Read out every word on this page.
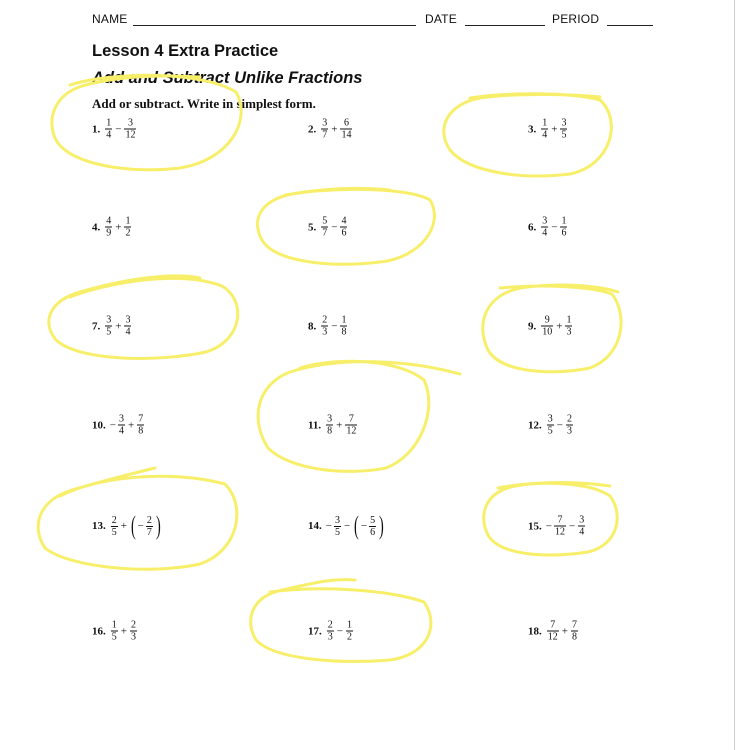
NAME	DATE	PERIOD
Lesson 4 Extra Practice
Add and Subtract Unlike Fractions
Add or subtract. Write in simplest form.
1. $\frac{1}{4} - \frac{3}{12}$	2. $\frac{3}{7} + \frac{6}{14}$	3. $\frac{1}{4} + \frac{3}{5}$
4. $\frac{4}{9} + \frac{1}{2}$	5. $\frac{5}{7} - \frac{4}{6}$	6. $\frac{3}{4} - \frac{1}{6}$
7. $\frac{3}{5} + \frac{3}{4}$	8. $\frac{2}{3} - \frac{1}{8}$	9. $\frac{9}{10} + \frac{1}{3}$
10. − $\frac{3}{4} + \frac{7}{8}$	11. $\frac{3}{8} + \frac{7}{12}$	12. $\frac{3}{5} - \frac{2}{3}$
13. $\frac{2}{5}$ + ( − $\frac{2}{7}$ )	14. − $\frac{3}{5}$ − ( − $\frac{5}{6}$ )	15. − $\frac{7}{12} - \frac{3}{4}$
16. $\frac{1}{5} + \frac{2}{3}$	17. $\frac{2}{3} - \frac{1}{2}$	18. $\frac{7}{12} + \frac{7}{8}$
